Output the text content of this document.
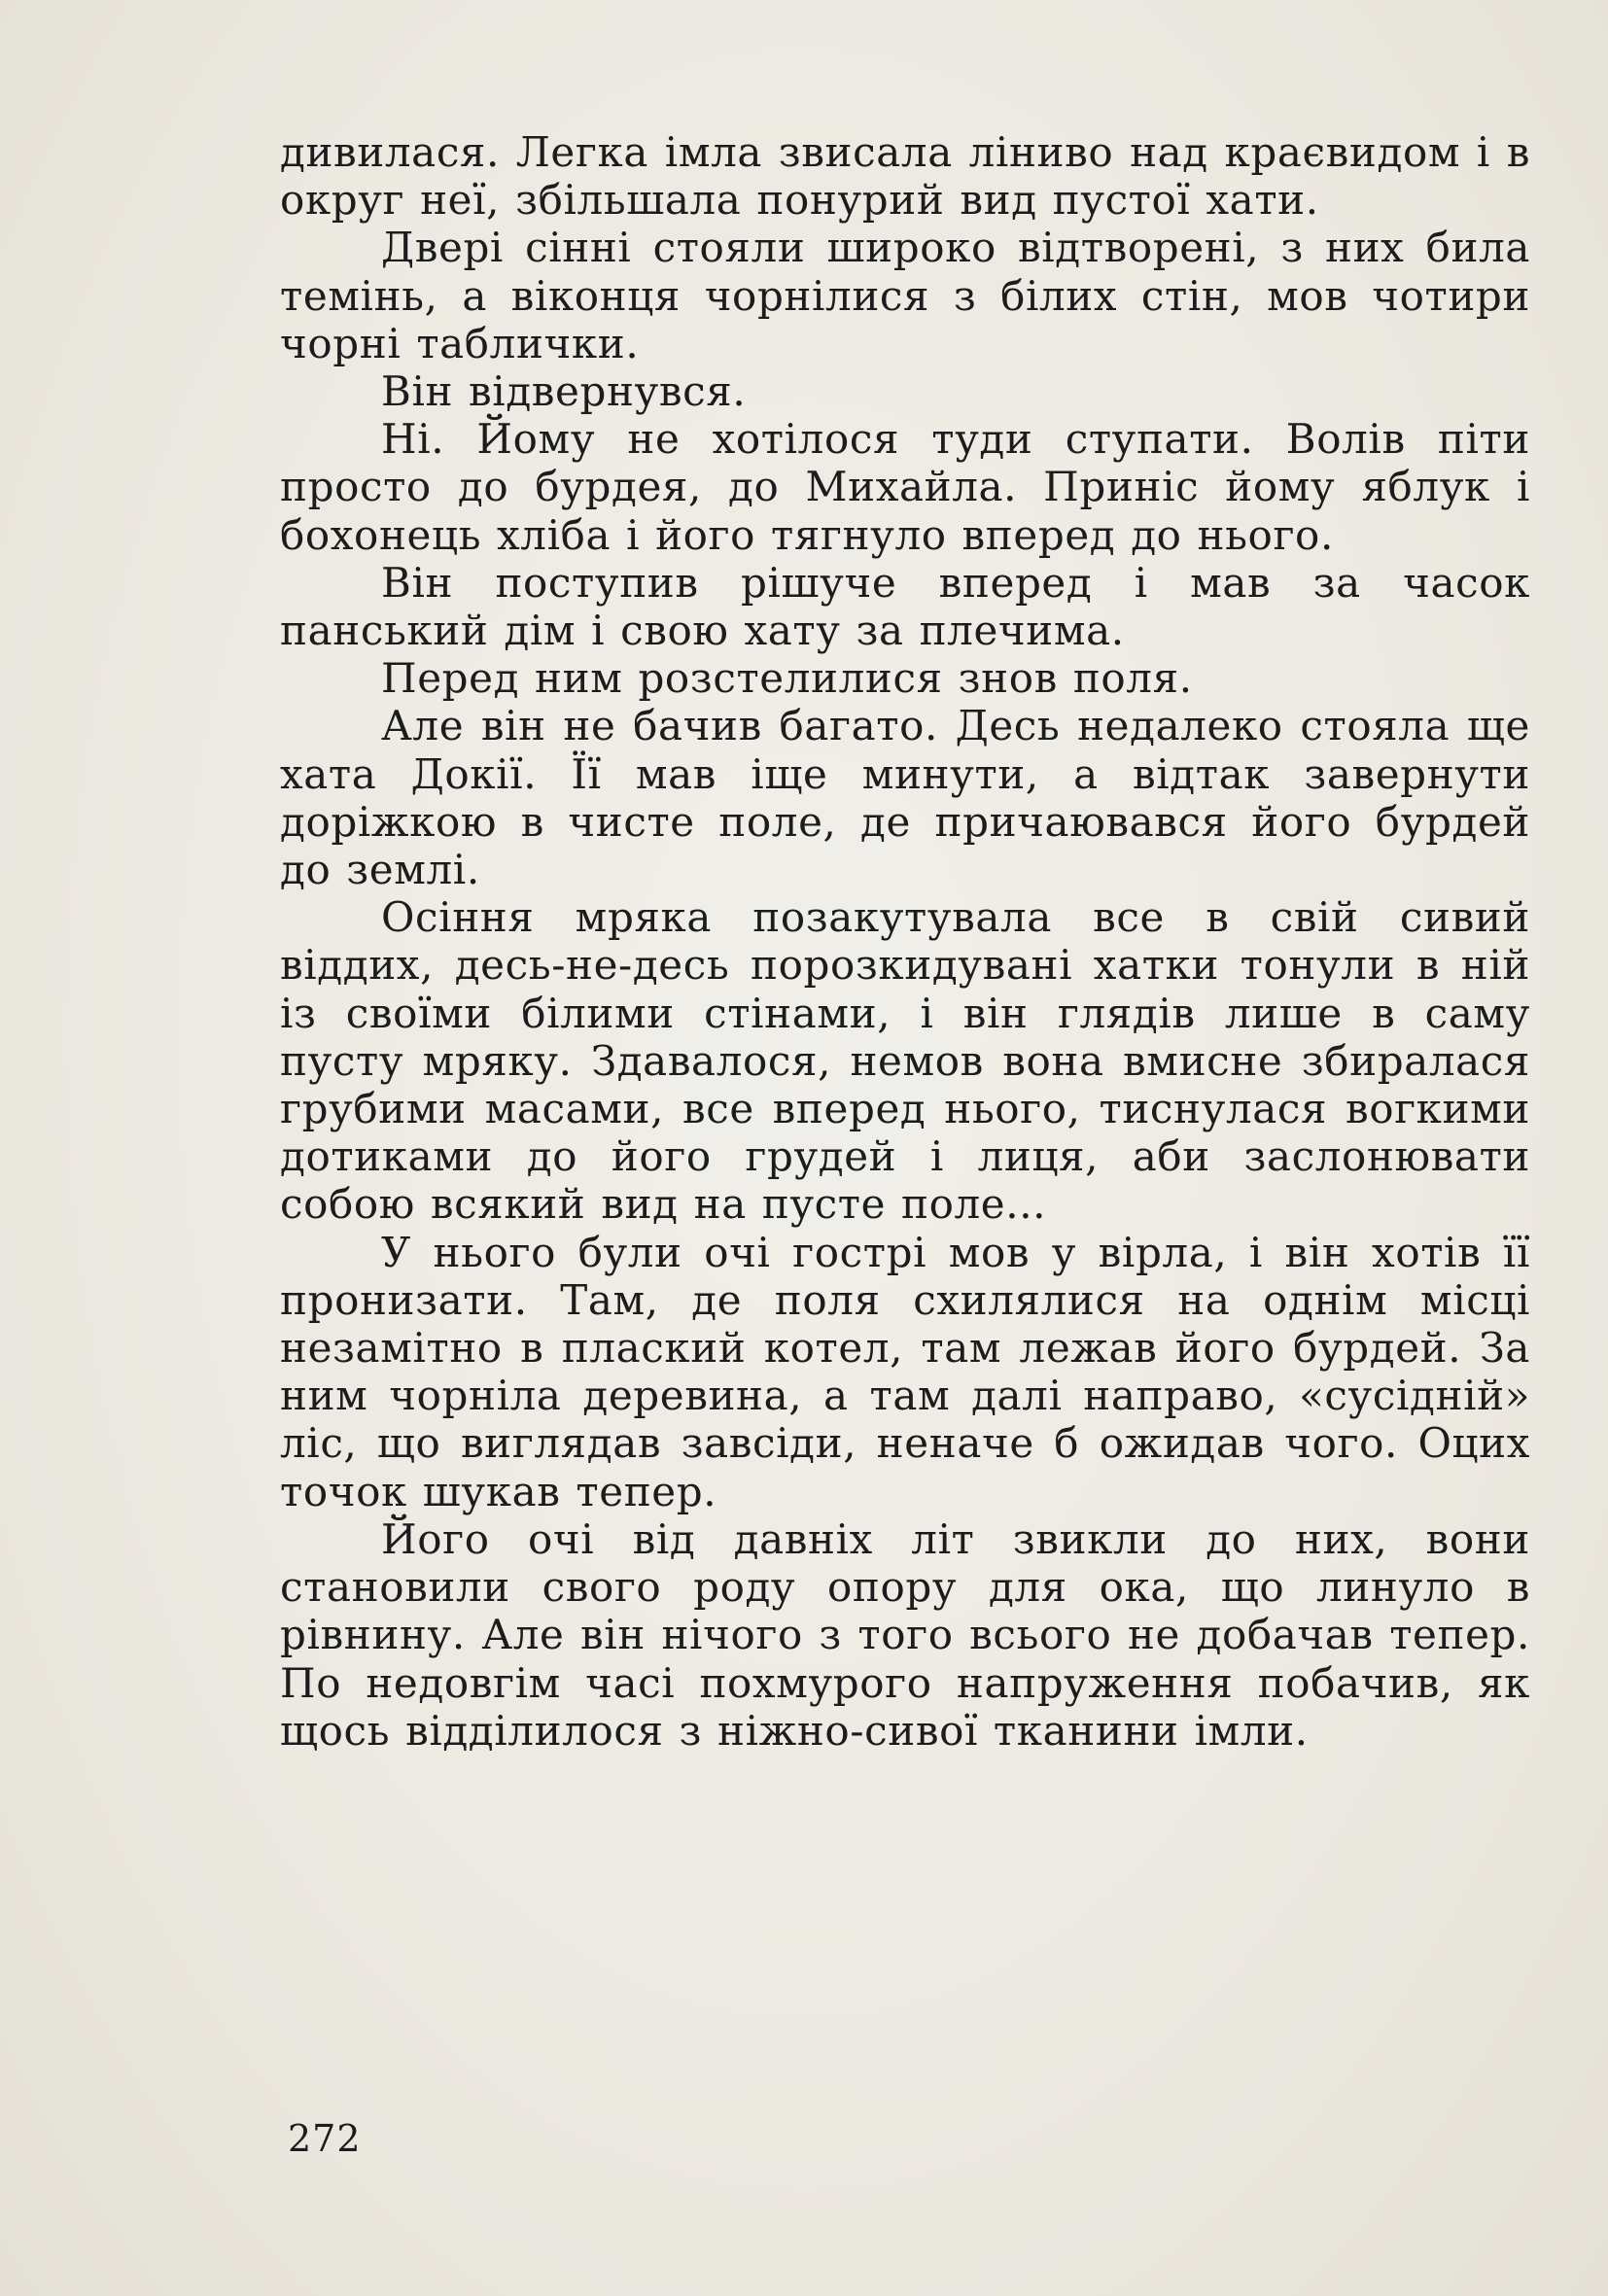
дивилася. Легка імла звисала ліниво над краєвидом і в округ неї, збільшала понурий вид пустої хати.

Двері сінні стояли широко відтворені, з них била темінь, а віконця чорнілися з білих стін, мов чотири чорні таблички.

Він відвернувся.

Ні. Йому не хотілося туди ступати. Волів піти просто до бурдея, до Михайла. Приніс йому яблук і бохонець хліба і його тягнуло вперед до нього.

Він поступив рішуче вперед і мав за часок панський дім і свою хату за плечима.

Перед ним розстелилися знов поля.

Але він не бачив багато. Десь недалеко стояла ще хата Докії. Її мав іще минути, а відтак завернути доріжкою в чисте поле, де причаювався його бурдей до землі.

Осіння мряка позакутувала все в свій сивий віддих, десь-не-десь порозкидувані хатки тонули в ній із своїми білими стінами, і він глядів лише в саму пусту мряку. Здавалося, немов вона вмисне збиралася грубими масами, все вперед нього, тиснулася вогкими дотиками до його грудей і лиця, аби заслонювати собою всякий вид на пусте поле...

У нього були очі гострі мов у вірла, і він хотів її пронизати. Там, де поля схилялися на однім місці незамітно в плаский котел, там лежав його бурдей. За ним чорніла деревина, а там далі направо, «сусідній» ліс, що виглядав завсіди, неначе б ожидав чого. Оцих точок шукав тепер.

Його очі від давніх літ звикли до них, вони становили свого роду опору для ока, що линуло в рівнину. Але він нічого з того всього не добачав тепер. По недовгім часі похмурого напруження побачив, як щось відділилося з ніжно-сивої тканини імли.

272
